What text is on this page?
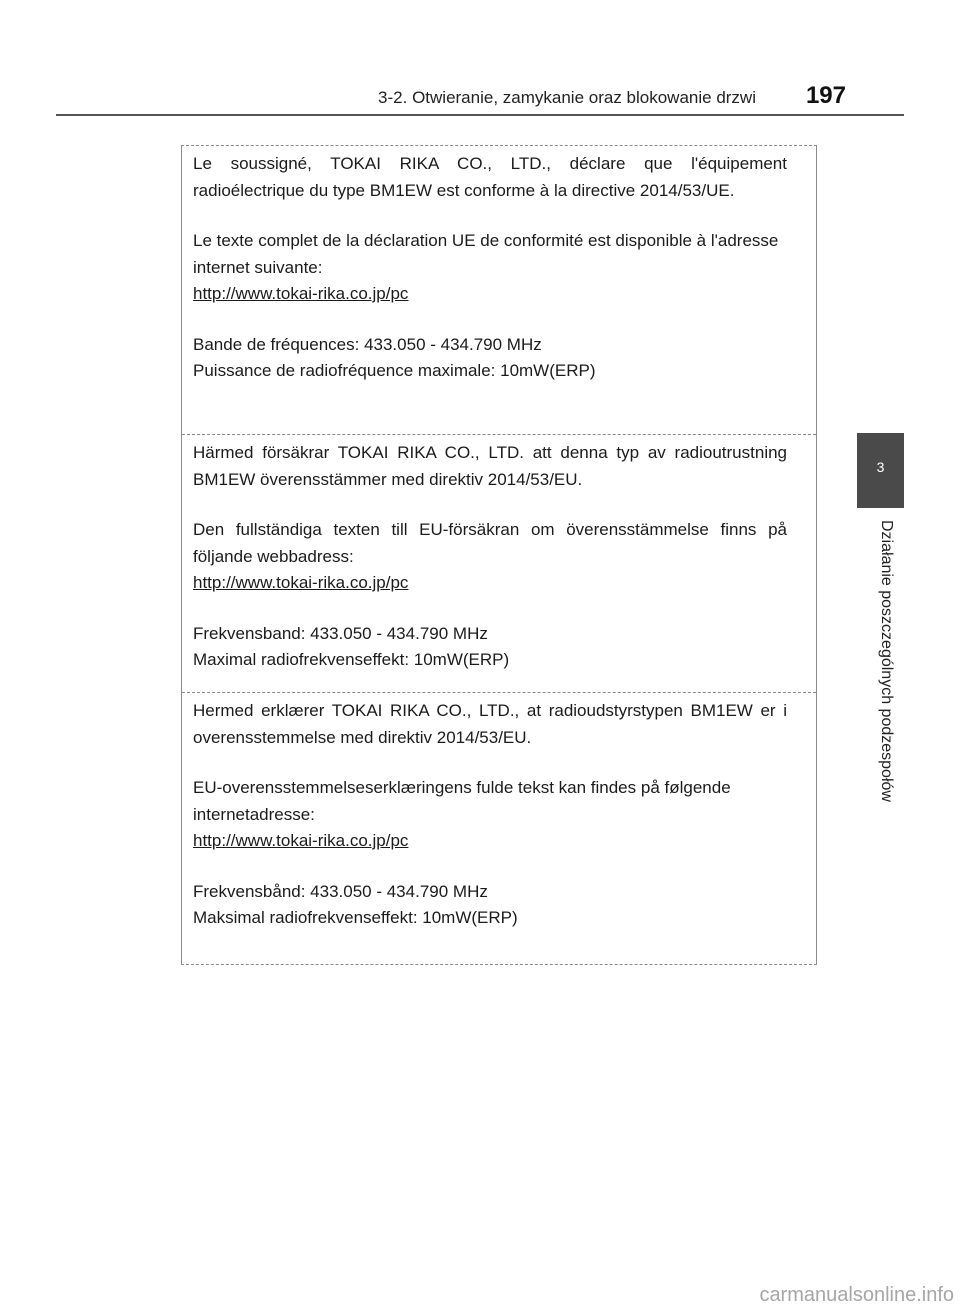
3-2. Otwieranie, zamykanie oraz blokowanie drzwi 197
3
Działanie poszczególnych podzespołów

Le soussigné, TOKAI RIKA CO., LTD., déclare que l'équipement radioélectrique du type BM1EW est conforme à la directive 2014/53/UE.

Le texte complet de la déclaration UE de conformité est disponible à l'adresse internet suivante:

http://www.tokai-rika.co.jp/pc

Bande de fréquences: 433.050 - 434.790 MHz

Puissance de radiofréquence maximale: 10mW(ERP)

Härmed försäkrar TOKAI RIKA CO., LTD. att denna typ av radioutrustning BM1EW överensstämmer med direktiv 2014/53/EU.

Den fullständiga texten till EU-försäkran om överensstämmelse finns på följande webbadress:

http://www.tokai-rika.co.jp/pc

Frekvensband: 433.050 - 434.790 MHz

Maximal radiofrekvenseffekt: 10mW(ERP)

Hermed erklærer TOKAI RIKA CO., LTD., at radioudstyrstypen BM1EW er i overensstemmelse med direktiv 2014/53/EU.

EU-overensstemmelseserklæringens fulde tekst kan findes på følgende internetadresse:

http://www.tokai-rika.co.jp/pc

Frekvensbånd: 433.050 - 434.790 MHz

Maksimal radiofrekvenseffekt: 10mW(ERP)

carmanualsonline.info
